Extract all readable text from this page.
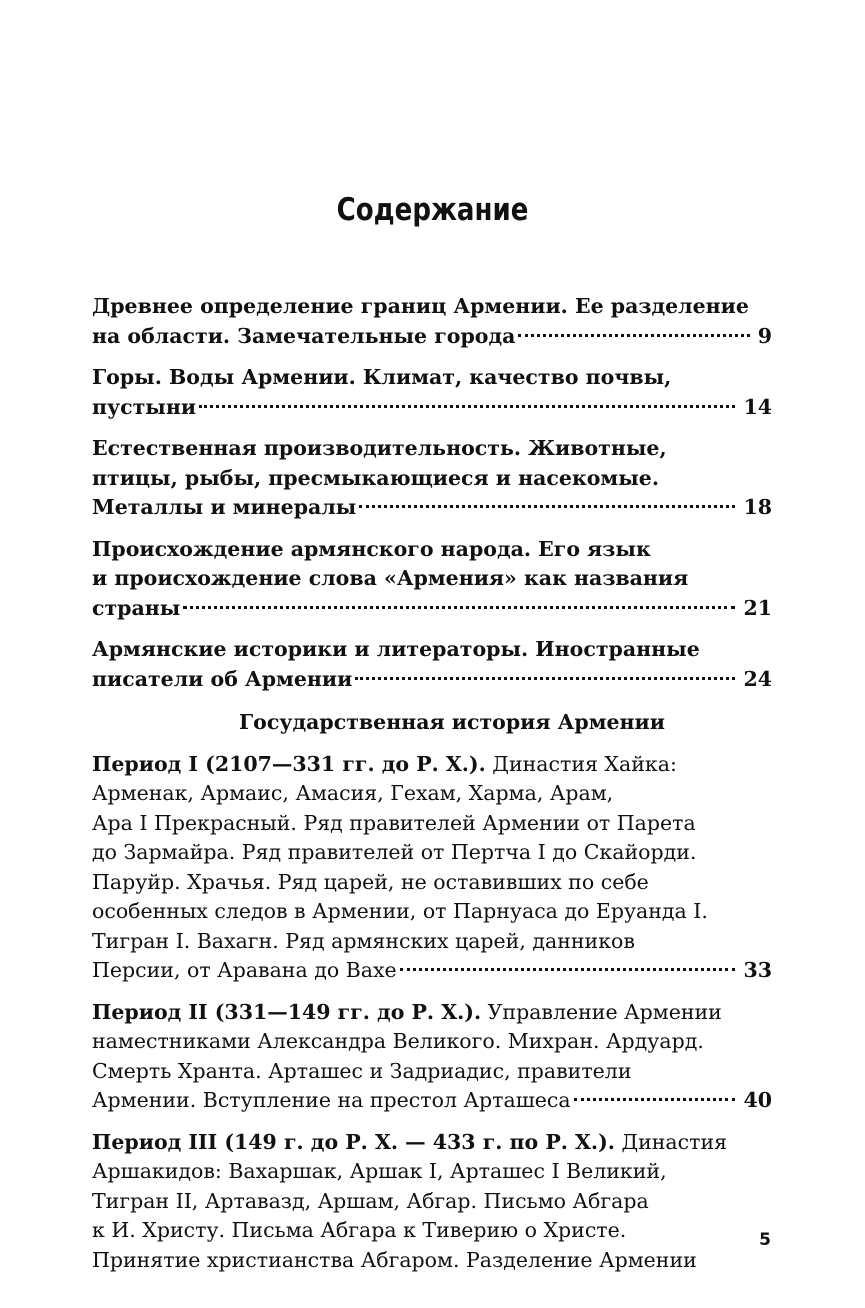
Содержание
Древнее определение границ Армении. Ее разделение
на области. Замечательные города	9
Горы. Воды Армении. Климат, качество почвы,
пустыни	14
Естественная производительность. Животные,
птицы, рыбы, пресмыкающиеся и насекомые.
Металлы и минералы	18
Происхождение армянского народа. Его язык
и происхождение слова «Армения» как названия
страны	21
Армянские историки и литераторы. Иностранные
писатели об Армении	24
Государственная история Армении
Период I (2107—331 гг. до Р. Х.). Династия Хайка:
Арменак, Армаис, Амасия, Гехам, Харма, Арам,
Ара I Прекрасный. Ряд правителей Армении от Парета
до Зармайра. Ряд правителей от Пертча I до Скайорди.
Паруйр. Храчья. Ряд царей, не оставивших по себе
особенных следов в Армении, от Парнуаса до Еруанда I.
Тигран I. Вахагн. Ряд армянских царей, данников
Персии, от Аравана до Вахе	33
Период II (331—149 гг. до Р. Х.). Управление Армении
наместниками Александра Великого. Михран. Ардуард.
Смерть Хранта. Арташес и Задриадис, правители
Армении. Вступление на престол Арташеса	40
Период III (149 г. до Р. Х. — 433 г. по Р. Х.). Династия
Аршакидов: Вахаршак, Аршак I, Арташес I Великий,
Тигран II, Артавазд, Аршам, Абгар. Письмо Абгара
к И. Христу. Письма Абгара к Тиверию о Христе.
Принятие христианства Абгаром. Разделение Армении
5
